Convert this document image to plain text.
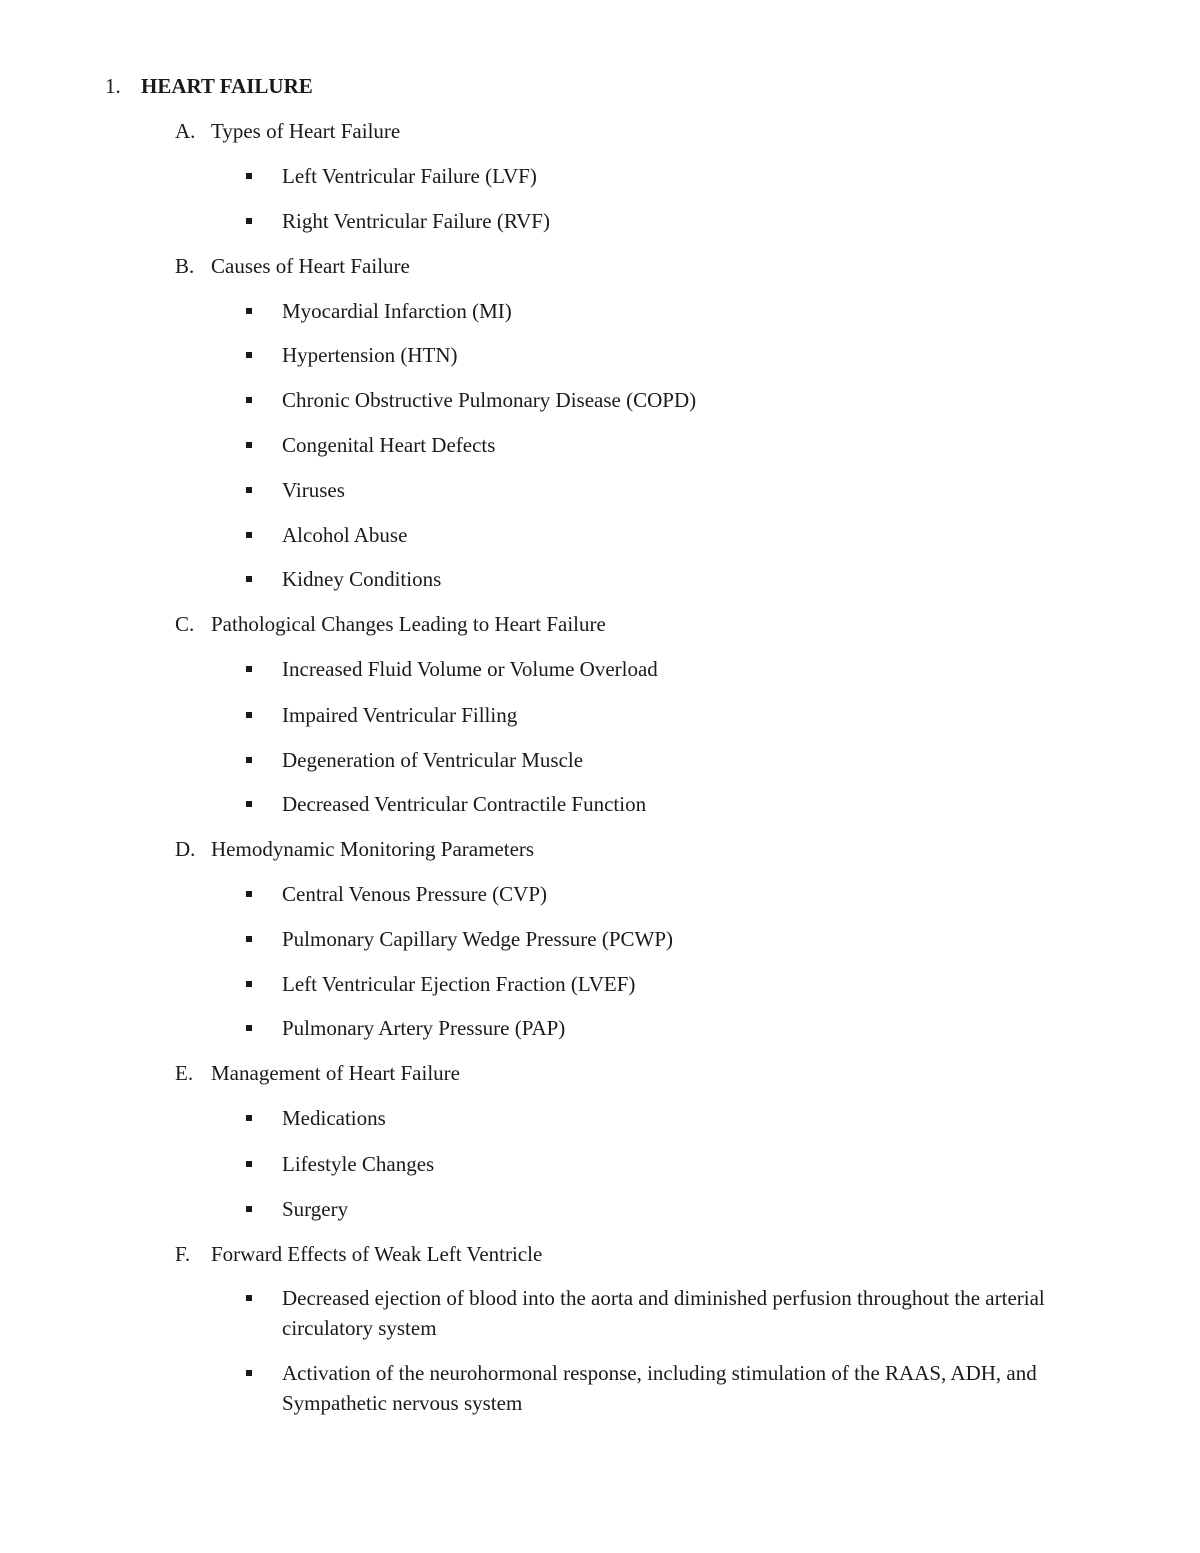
1. HEART FAILURE
A. Types of Heart Failure
Left Ventricular Failure (LVF)
Right Ventricular Failure (RVF)
B. Causes of Heart Failure
Myocardial Infarction (MI)
Hypertension (HTN)
Chronic Obstructive Pulmonary Disease (COPD)
Congenital Heart Defects
Viruses
Alcohol Abuse
Kidney Conditions
C. Pathological Changes Leading to Heart Failure
Increased Fluid Volume or Volume Overload
Impaired Ventricular Filling
Degeneration of Ventricular Muscle
Decreased Ventricular Contractile Function
D. Hemodynamic Monitoring Parameters
Central Venous Pressure (CVP)
Pulmonary Capillary Wedge Pressure (PCWP)
Left Ventricular Ejection Fraction (LVEF)
Pulmonary Artery Pressure (PAP)
E. Management of Heart Failure
Medications
Lifestyle Changes
Surgery
F. Forward Effects of Weak Left Ventricle
Decreased ejection of blood into the aorta and diminished perfusion throughout the arterial circulatory system
Activation of the neurohormonal response, including stimulation of the RAAS, ADH, and Sympathetic nervous system
